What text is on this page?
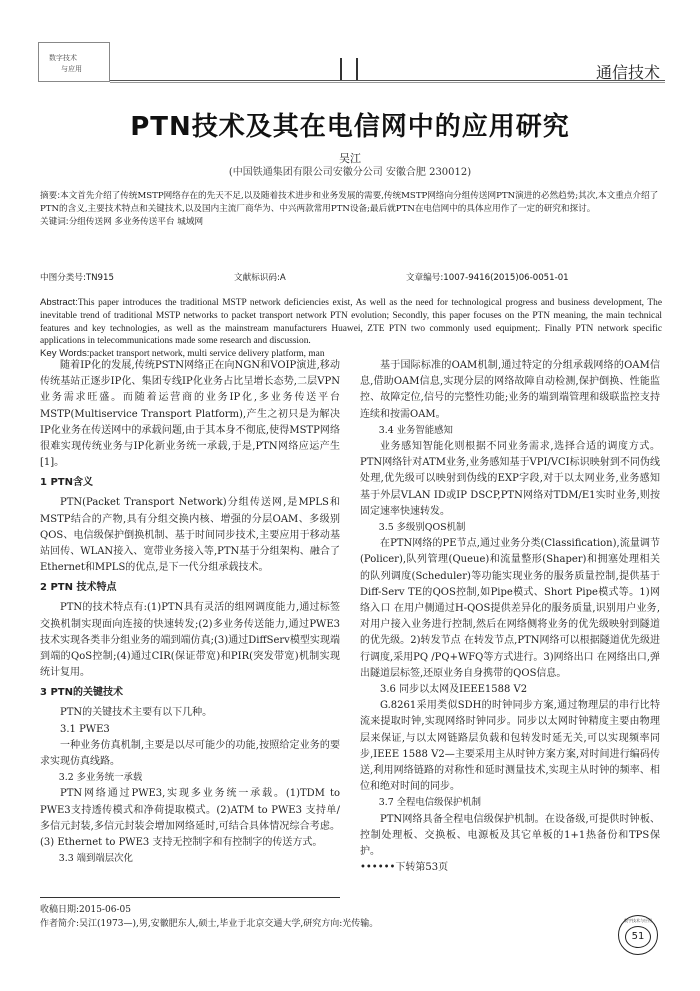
数字技术
与应用	通信技术
PTN技术及其在电信网中的应用研究
吴江
(中国铁通集团有限公司安徽分公司 安徽合肥 230012)
摘要:本文首先介绍了传统MSTP网络存在的先天不足,以及随着技术进步和业务发展的需要,传统MSTP网络向分组传送网PTN演进的必然趋势;其次,本文重点介绍了PTN的含义,主要技术特点和关键技术,以及国内主流厂商华为、中兴两款常用PTN设备;最后就PTN在电信网中的具体应用作了一定的研究和探讨。
关键词:分组传送网 多业务传送平台 城域网
中图分类号:TN915	文献标识码:A	文章编号:1007-9416(2015)06-0051-01
Abstract:This paper introduces the traditional MSTP network deficiencies exist, As well as the need for technological progress and business development, The inevitable trend of traditional MSTP networks to packet transport network PTN evolution; Secondly, this paper focuses on the PTN meaning, the main technical features and key technologies, as well as the mainstream manufacturers Huawei, ZTE PTN two commonly used equipment;. Finally PTN network specific applications in telecommunications made some research and discussion.
Key Words:packet transport network, multi service delivery platform, man

随着IP化的发展,传统PSTN网络正在向NGN和VOIP演进,移动传统基站正逐步IP化、集团专线IP化业务占比呈增长态势,二层VPN业务需求旺盛。而随着运营商的业务IP化,多业务传送平台MSTP(Multiservice Transport Platform),产生之初只是为解决IP化业务在传送网中的承载问题,由于其本身不彻底,使得MSTP网络很难实现传统业务与IP化新业务统一承载,于是,PTN网络应运产生[1]。

1 PTN含义

PTN(Packet Transport Network)分组传送网,是MPLS和MSTP结合的产物,具有分组交换内核、增强的分层OAM、多级别QOS、电信级保护倒换机制、基于时间同步技术,主要应用于移动基站回传、WLAN接入、宽带业务接入等,PTN基于分组架构、融合了Ethernet和MPLS的优点,是下一代分组承载技术。

2 PTN 技术特点

PTN的技术特点有:(1)PTN具有灵活的组网调度能力,通过标签交换机制实现面向连接的快速转发;(2)多业务传送能力,通过PWE3技术实现各类非分组业务的端到端仿真;(3)通过DiffServ模型实现端到端的QoS控制;(4)通过CIR(保证带宽)和PIR(突发带宽)机制实现统计复用。

3 PTN的关键技术

PTN的关键技术主要有以下几种。

3.1 PWE3

一种业务仿真机制,主要是以尽可能少的功能,按照给定业务的要求实现仿真线路。

3.2 多业务统一承载

PTN网络通过PWE3,实现多业务统一承载。(1)TDM to PWE3支持透传模式和净荷提取模式。(2)ATM to PWE3 支持单/多信元封装,多信元封装会增加网络延时,可结合具体情况综合考虑。(3) Ethernet to PWE3 支持无控制字和有控制字的传送方式。

3.3 端到端层次化

基于国际标准的OAM机制,通过特定的分组承载网络的OAM信息,借助OAM信息,实现分层的网络故障自动检测,保护倒换、性能监控、故障定位,信号的完整性功能;业务的端到端管理和级联监控支持连续和按需OAM。

3.4 业务智能感知

业务感知智能化则根据不同业务需求,选择合适的调度方式。PTN网络针对ATM业务,业务感知基于VPI/VCI标识映射到不同伪线处理,优先级可以映射到伪线的EXP字段,对于以太网业务,业务感知基于外层VLAN ID或IP DSCP,PTN网络对TDM/E1实时业务,则按固定速率快速转发。

3.5 多级别QOS机制

在PTN网络的PE节点,通过业务分类(Classification),流量调节(Policer),队列管理(Queue)和流量整形(Shaper)和拥塞处理相关的队列调度(Scheduler)等功能实现业务的服务质量控制,提供基于Diff-Serv TE的QOS控制,如Pipe模式、Short Pipe模式等。1)网络入口 在用户侧通过H-QOS提供差异化的服务质量,识别用户业务,对用户接入业务进行控制,然后在网络侧将业务的优先级映射到隧道的优先级。2)转发节点 在转发节点,PTN网络可以根据隧道优先级进行调度,采用PQ /PQ+WFQ等方式进行。3)网络出口 在网络出口,弹出隧道层标签,还原业务自身携带的QOS信息。

3.6 同步以太网及IEEE1588 V2

G.8261采用类似SDH的时钟同步方案,通过物理层的串行比特流来提取时钟,实现网络时钟同步。同步以太网时钟精度主要由物理层来保证,与以太网链路层负载和包转发时延无关,可以实现频率同步,IEEE 1588 V2—主要采用主从时钟方案方案,对时间进行编码传送,利用网络链路的对称性和延时测量技术,实现主从时钟的频率、相位和绝对时间的同步。

3.7 全程电信级保护机制

PTN网络具备全程电信级保护机制。在设备级,可提供时钟板、控制处理板、交换板、电源板及其它单板的1+1热备份和TPS保护。

••••••下转第53页

收稿日期:2015-06-05
作者简介:吴江(1973—),男,安徽肥东人,硕士,毕业于北京交通大学,研究方向:光传输。	数字技术与应用
51
